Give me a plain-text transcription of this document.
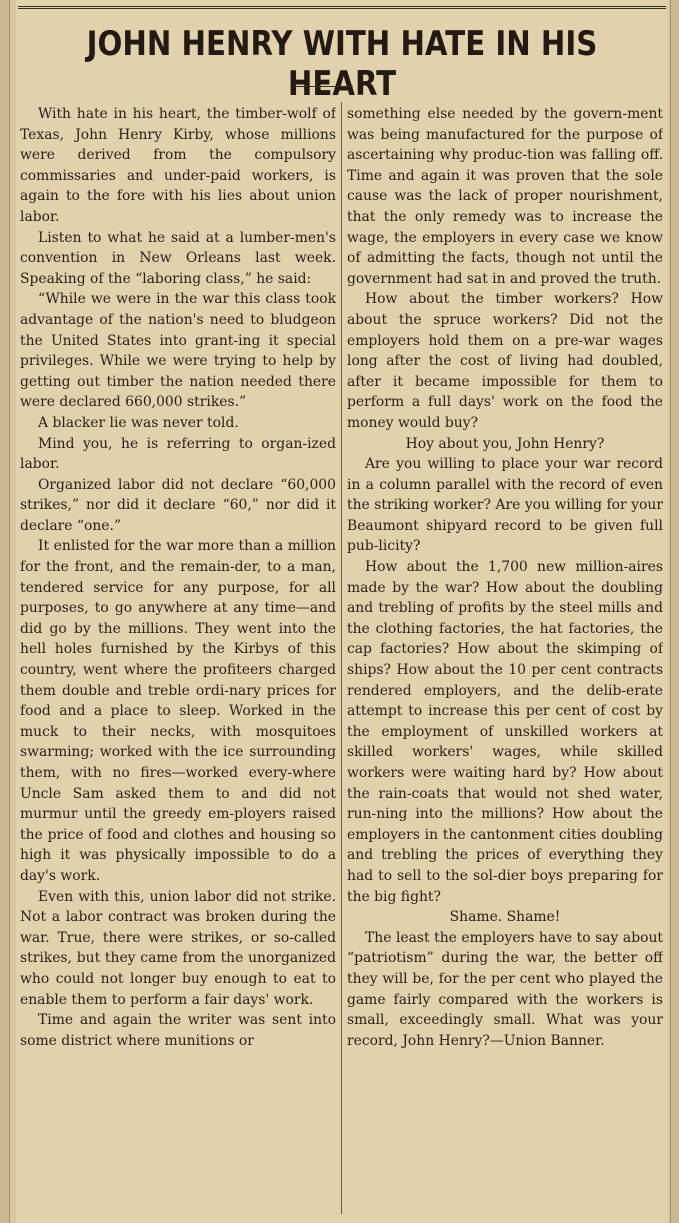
JOHN HENRY WITH HATE IN HIS HEART

With hate in his heart, the timber-wolf of Texas, John Henry Kirby, whose millions were derived from the compulsory commissaries and under-paid workers, is again to the fore with his lies about union labor.

Listen to what he said at a lumber-men's convention in New Orleans last week. Speaking of the “laboring class,” he said:

“While we were in the war this class took advantage of the nation's need to bludgeon the United States into grant-ing it special privileges. While we were trying to help by getting out timber the nation needed there were declared 660,000 strikes.”

A blacker lie was never told.

Mind you, he is referring to organ-ized labor.

Organized labor did not declare “60,000 strikes,” nor did it declare “60,” nor did it declare “one.”

It enlisted for the war more than a million for the front, and the remain-der, to a man, tendered service for any purpose, for all purposes, to go anywhere at any time—and did go by the millions. They went into the hell holes furnished by the Kirbys of this country, went where the profiteers charged them double and treble ordi-nary prices for food and a place to sleep. Worked in the muck to their necks, with mosquitoes swarming; worked with the ice surrounding them, with no fires—worked every-where Uncle Sam asked them to and did not murmur until the greedy em-ployers raised the price of food and clothes and housing so high it was physically impossible to do a day's work.

Even with this, union labor did not strike. Not a labor contract was broken during the war. True, there were strikes, or so-called strikes, but they came from the unorganized who could not longer buy enough to eat to enable them to perform a fair days' work.

Time and again the writer was sent into some district where munitions or

something else needed by the govern-ment was being manufactured for the purpose of ascertaining why produc-tion was falling off. Time and again it was proven that the sole cause was the lack of proper nourishment, that the only remedy was to increase the wage, the employers in every case we know of admitting the facts, though not until the government had sat in and proved the truth.

How about the timber workers? How about the spruce workers? Did not the employers hold them on a pre-war wages long after the cost of living had doubled, after it became impossible for them to perform a full days' work on the food the money would buy?

Hoy about you, John Henry?

Are you willing to place your war record in a column parallel with the record of even the striking worker? Are you willing for your Beaumont shipyard record to be given full pub-licity?

How about the 1,700 new million-aires made by the war? How about the doubling and trebling of profits by the steel mills and the clothing factories, the hat factories, the cap factories? How about the skimping of ships? How about the 10 per cent contracts rendered employers, and the delib-erate attempt to increase this per cent of cost by the employment of unskilled workers at skilled workers' wages, while skilled workers were waiting hard by? How about the rain-coats that would not shed water, run-ning into the millions? How about the employers in the cantonment cities doubling and trebling the prices of everything they had to sell to the sol-dier boys preparing for the big fight?

Shame. Shame!

The least the employers have to say about “patriotism” during the war, the better off they will be, for the per cent who played the game fairly compared with the workers is small, exceedingly small. What was your record, John Henry?—Union Banner.
